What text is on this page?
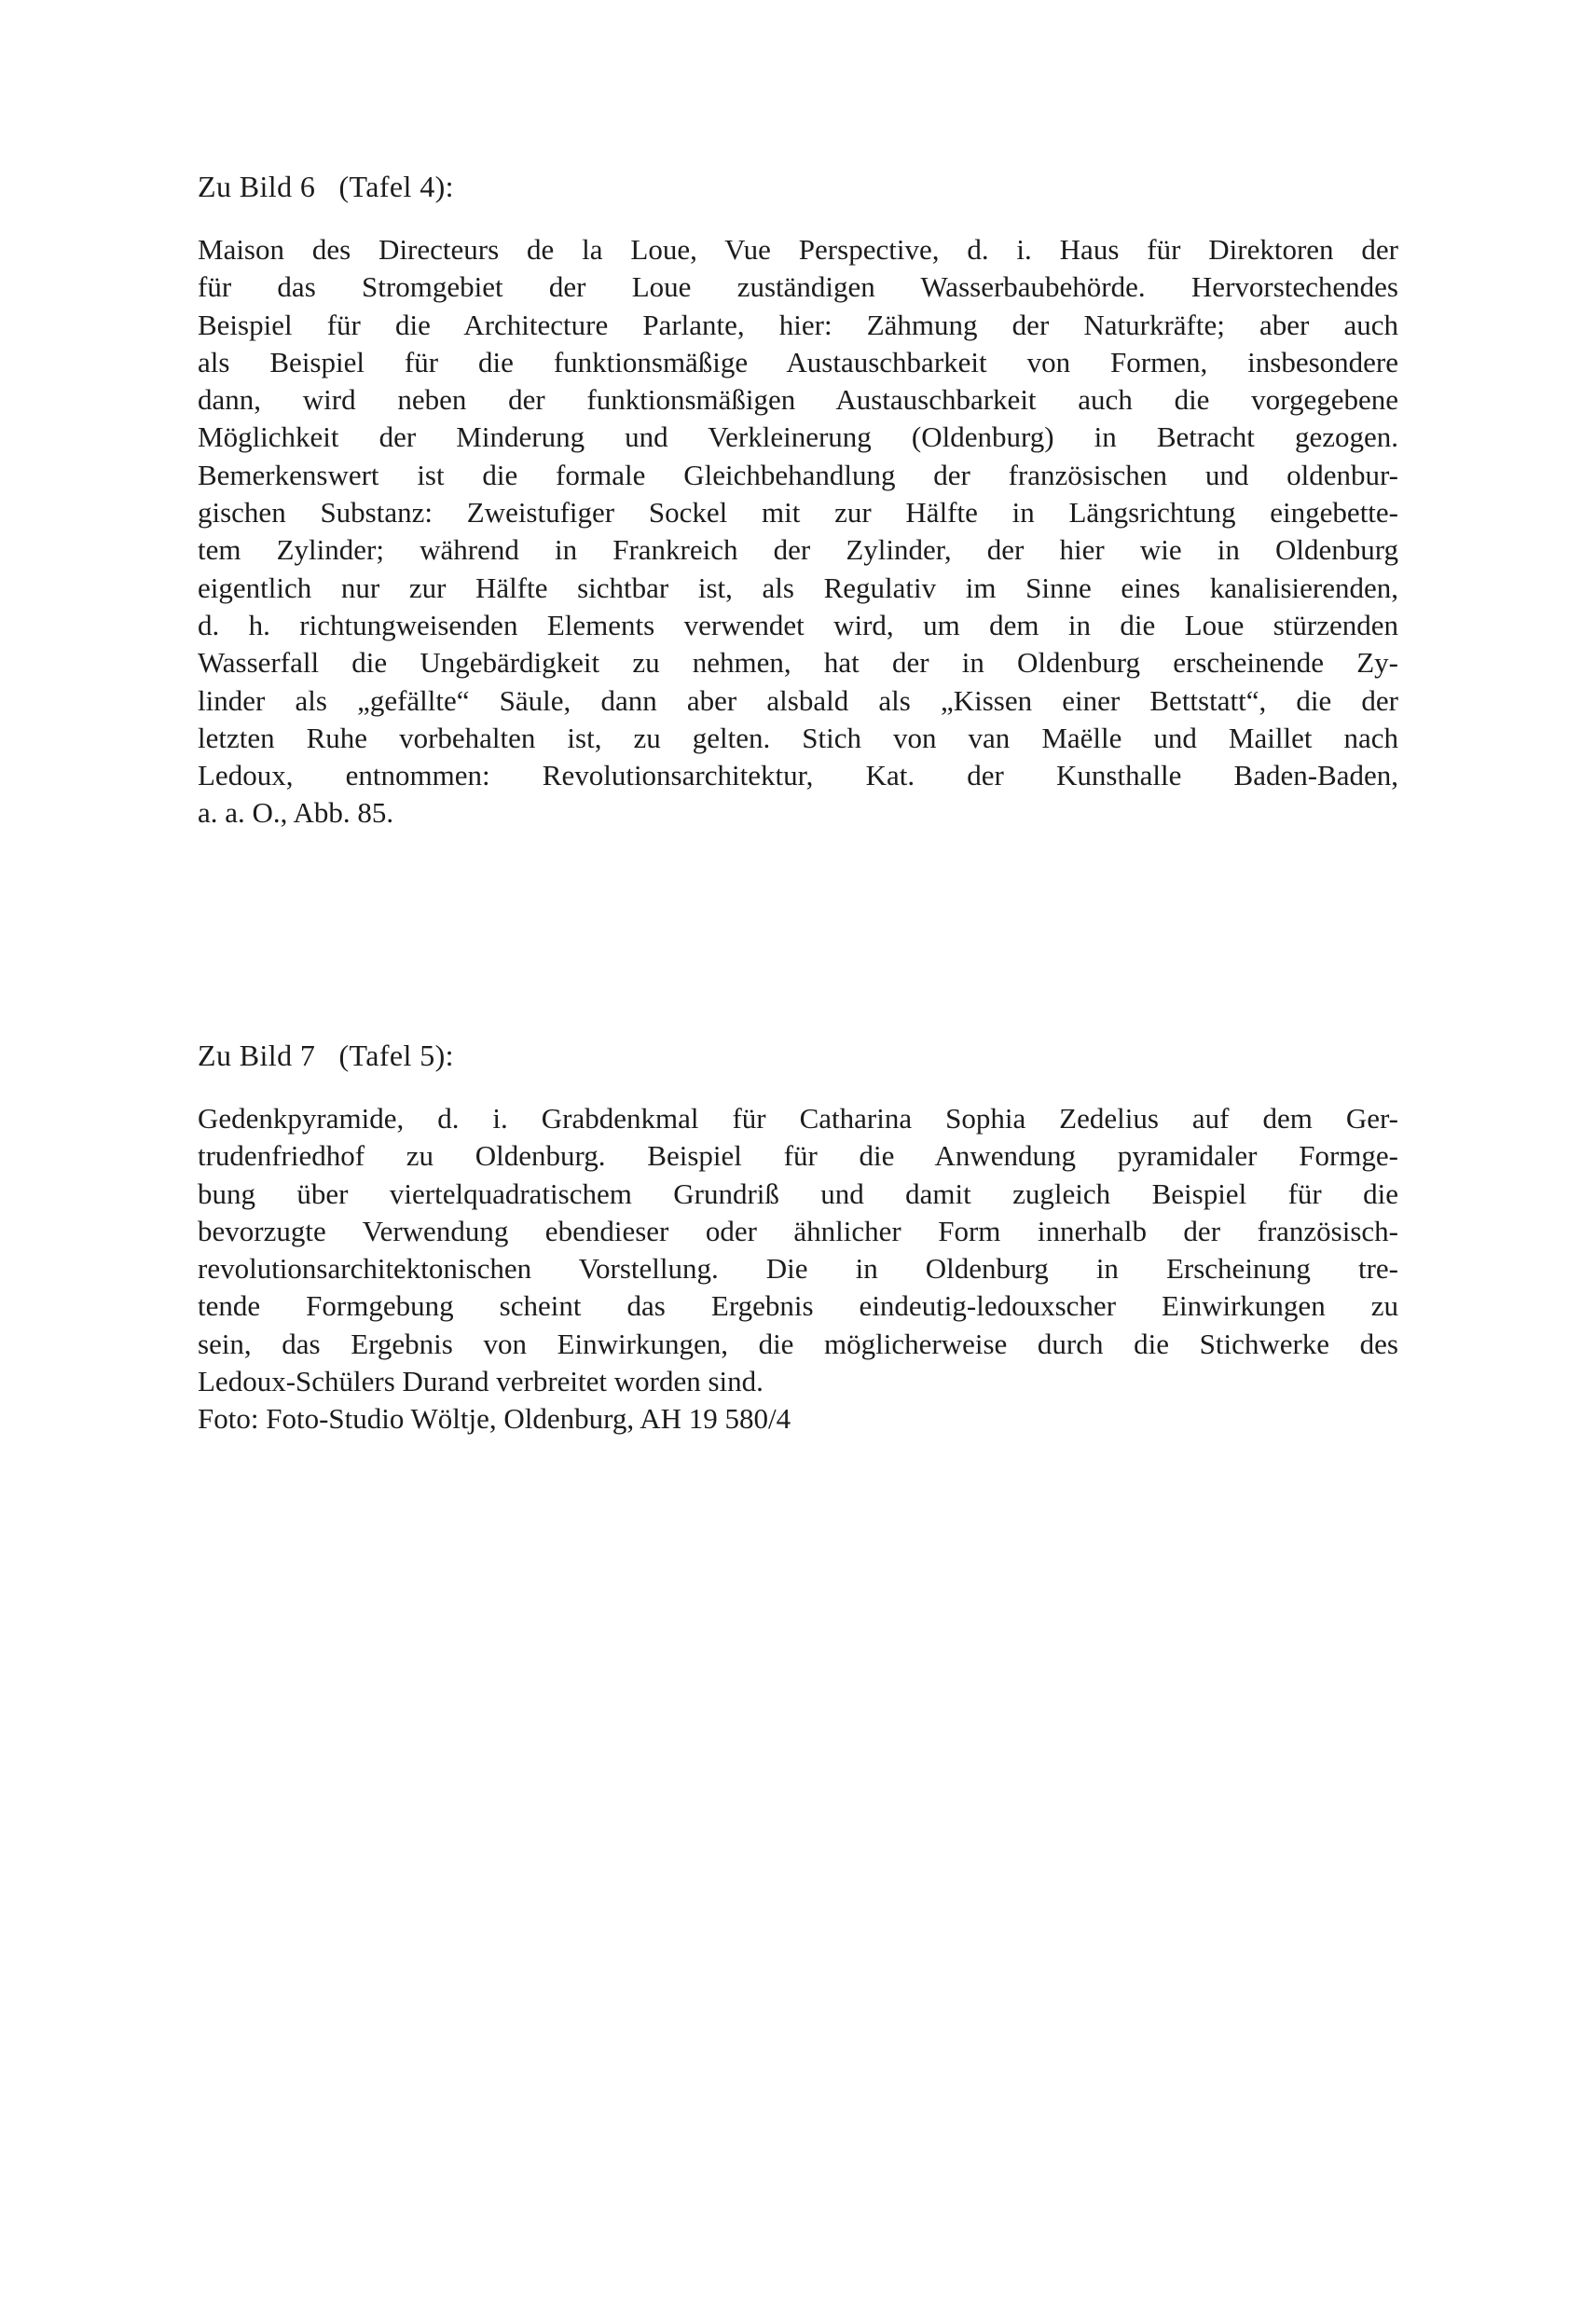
Zu Bild 6   (Tafel 4):
Maison des Directeurs de la Loue, Vue Perspective, d. i. Haus für Direktoren der
für das Stromgebiet der Loue zuständigen Wasserbaubehörde. Hervorstechendes
Beispiel für die Architecture Parlante, hier: Zähmung der Naturkräfte; aber auch
als Beispiel für die funktionsmäßige Austauschbarkeit von Formen, insbesondere
dann, wird neben der funktionsmäßigen Austauschbarkeit auch die vorgegebene
Möglichkeit der Minderung und Verkleinerung (Oldenburg) in Betracht gezogen.
Bemerkenswert ist die formale Gleichbehandlung der französischen und oldenbur-
gischen Substanz: Zweistufiger Sockel mit zur Hälfte in Längsrichtung eingebette-
tem Zylinder; während in Frankreich der Zylinder, der hier wie in Oldenburg
eigentlich nur zur Hälfte sichtbar ist, als Regulativ im Sinne eines kanalisierenden,
d. h. richtungweisenden Elements verwendet wird, um dem in die Loue stürzenden
Wasserfall die Ungebärdigkeit zu nehmen, hat der in Oldenburg erscheinende Zy-
linder als „gefällte“ Säule, dann aber alsbald als „Kissen einer Bettstatt“, die der
letzten Ruhe vorbehalten ist, zu gelten. Stich von van Maëlle und Maillet nach
Ledoux, entnommen: Revolutionsarchitektur, Kat. der Kunsthalle Baden-Baden,
a. a. O., Abb. 85.
Zu Bild 7   (Tafel 5):
Gedenkpyramide, d. i. Grabdenkmal für Catharina Sophia Zedelius auf dem Ger-
trudenfriedhof zu Oldenburg. Beispiel für die Anwendung pyramidaler Formge-
bung über viertelquadratischem Grundriß und damit zugleich Beispiel für die
bevorzugte Verwendung ebendieser oder ähnlicher Form innerhalb der französisch-
revolutionsarchitektonischen Vorstellung. Die in Oldenburg in Erscheinung tre-
tende Formgebung scheint das Ergebnis eindeutig-ledouxscher Einwirkungen zu
sein, das Ergebnis von Einwirkungen, die möglicherweise durch die Stichwerke des
Ledoux-Schülers Durand verbreitet worden sind.
Foto: Foto-Studio Wöltje, Oldenburg, AH 19 580/4
